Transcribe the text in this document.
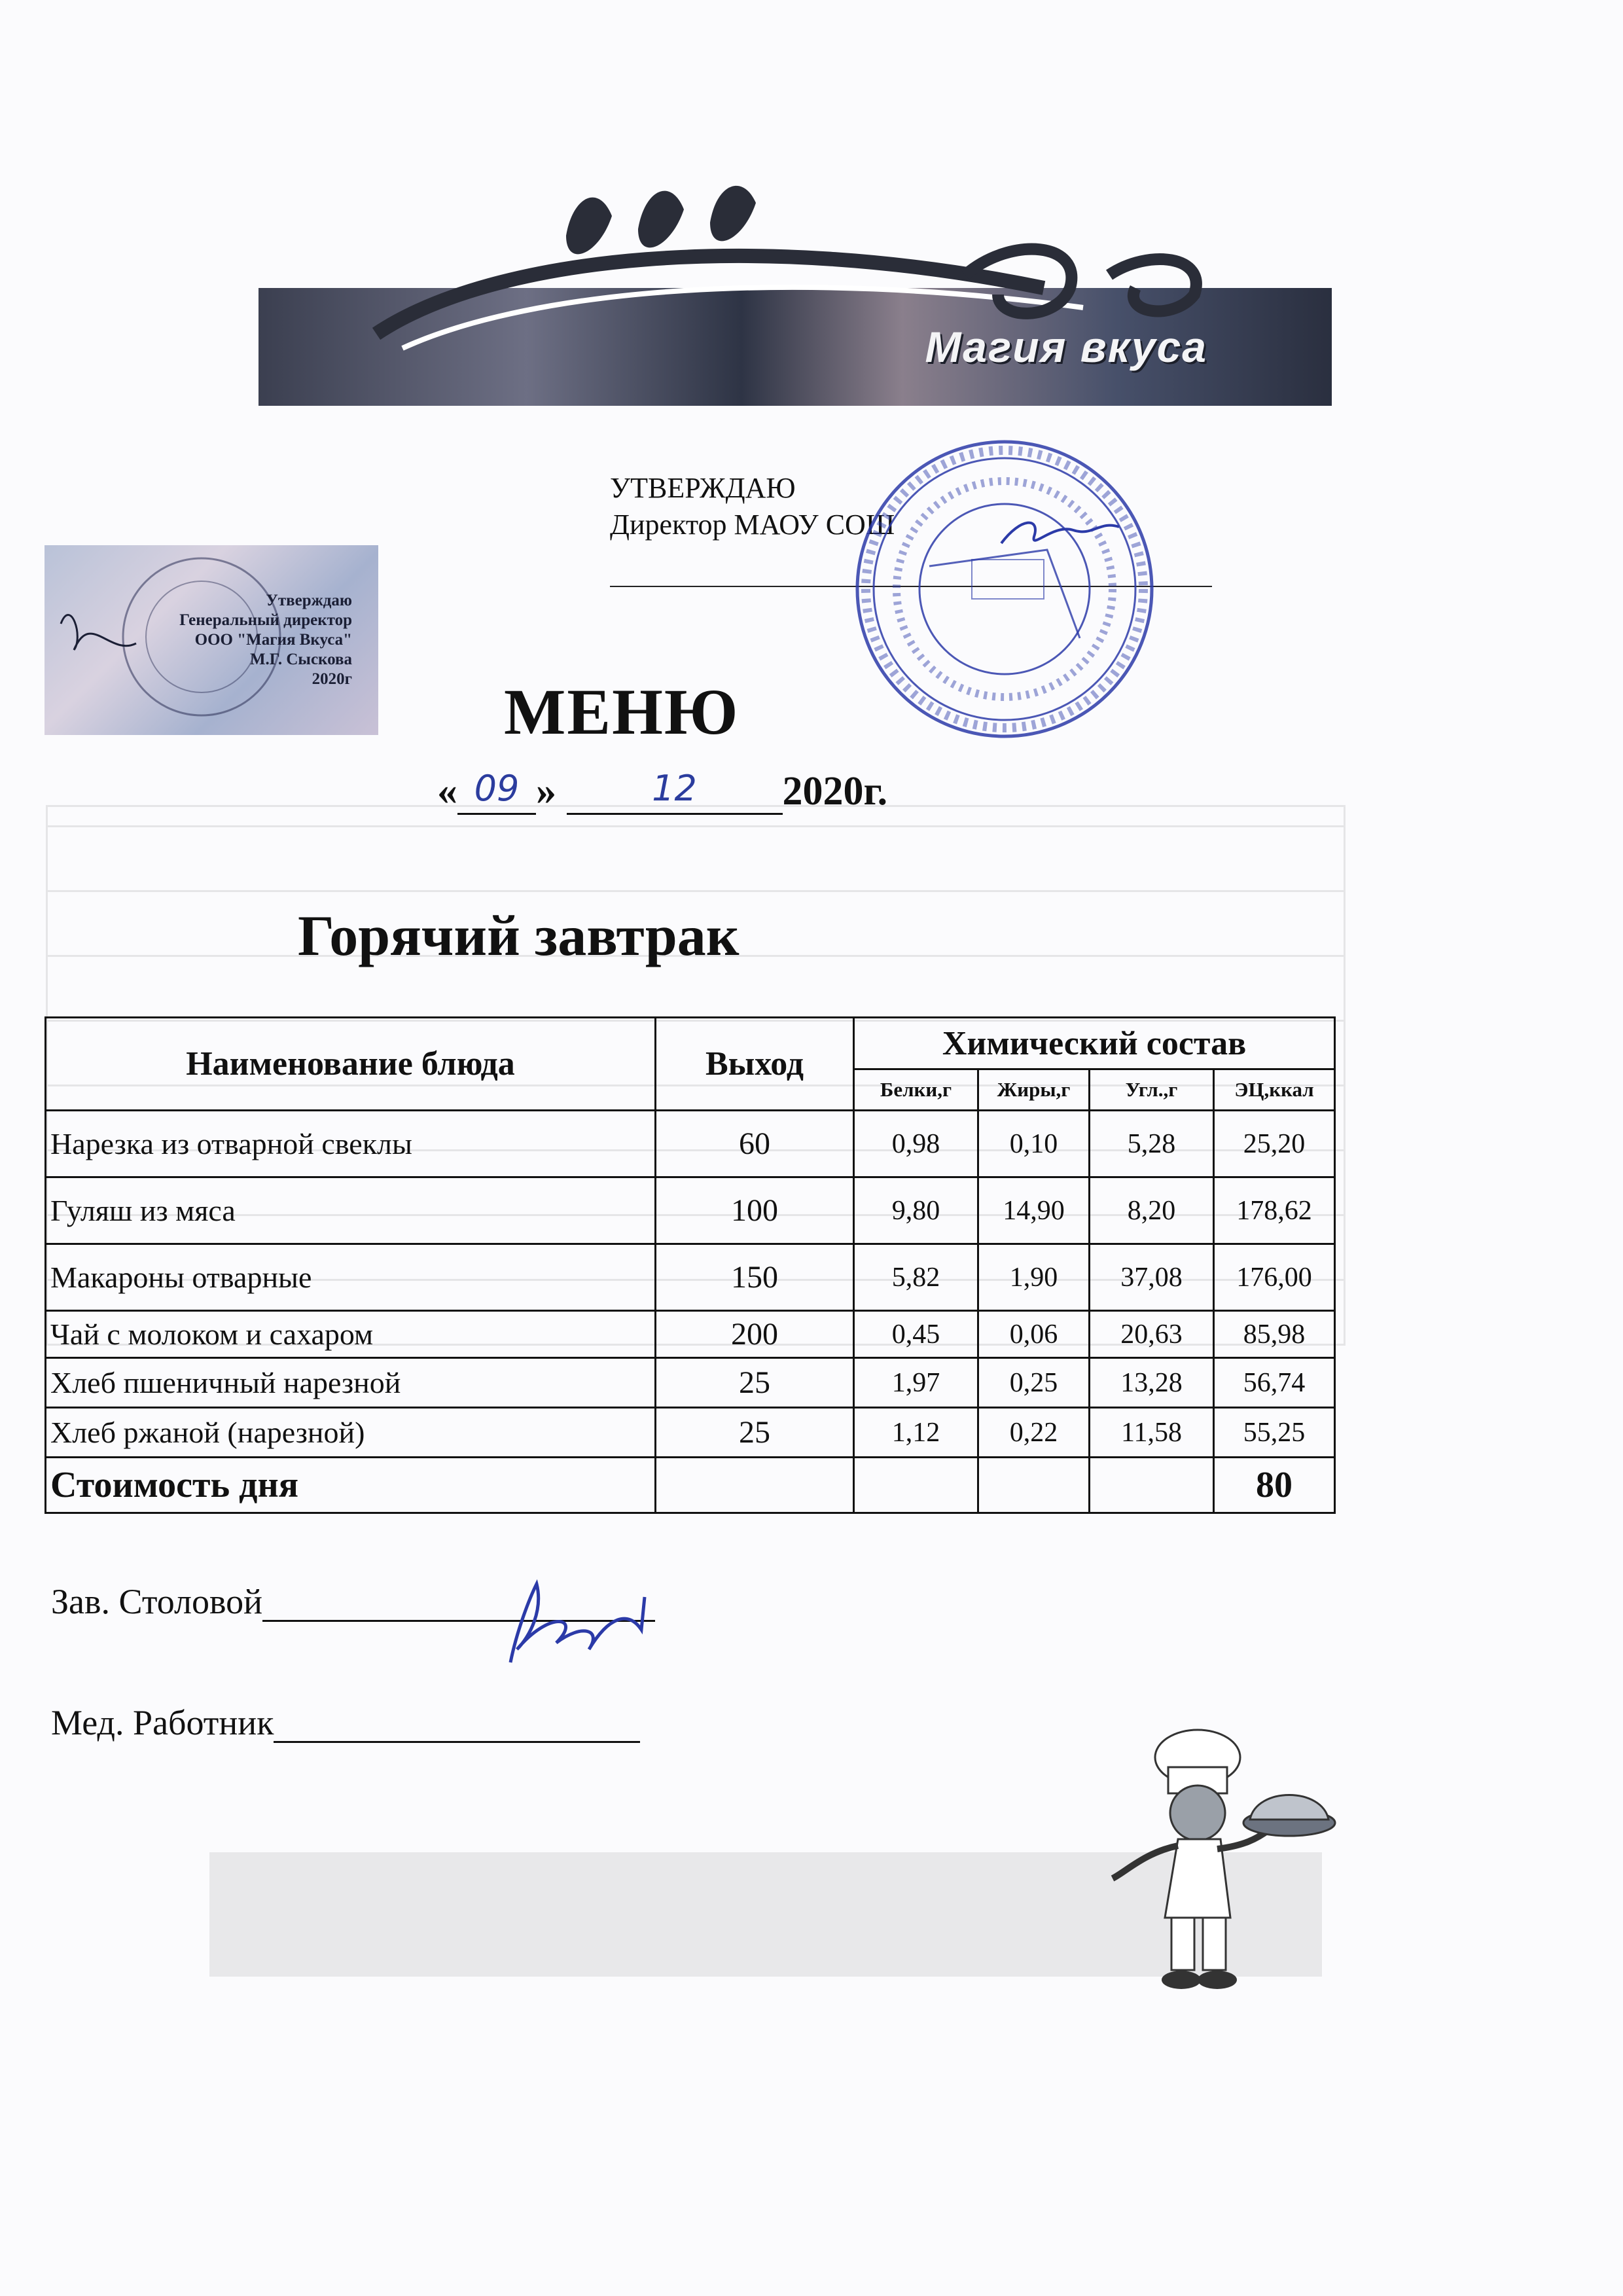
Магия вкуса
УТВЕРЖДАЮ
Директор МАОУ СОШ
Утверждаю
Генеральный директор
ООО "Магия Вкуса"
М.Г. Сыскова
2020г МЕНЮ
« 09 »	12	2020г.
Горячий завтрак
Наименование блюда	Выход	Химический состав			
		Белки,г	Жиры,г	Угл.,г	ЭЦ,ккал
Нарезка из отварной свеклы	60	0,98	0,10	5,28	25,20
Гуляш из мяса	100	9,80	14,90	8,20	178,62
Макароны отварные	150	5,82	1,90	37,08	176,00
Чай с молоком и сахаром	200	0,45	0,06	20,63	85,98
Хлеб пшеничный нарезной	25	1,97	0,25	13,28	56,74
Хлеб ржаной (нарезной)	25	1,12	0,22	11,58	55,25
Стоимость дня					80
Зав. Столовой
Мед. Работник
